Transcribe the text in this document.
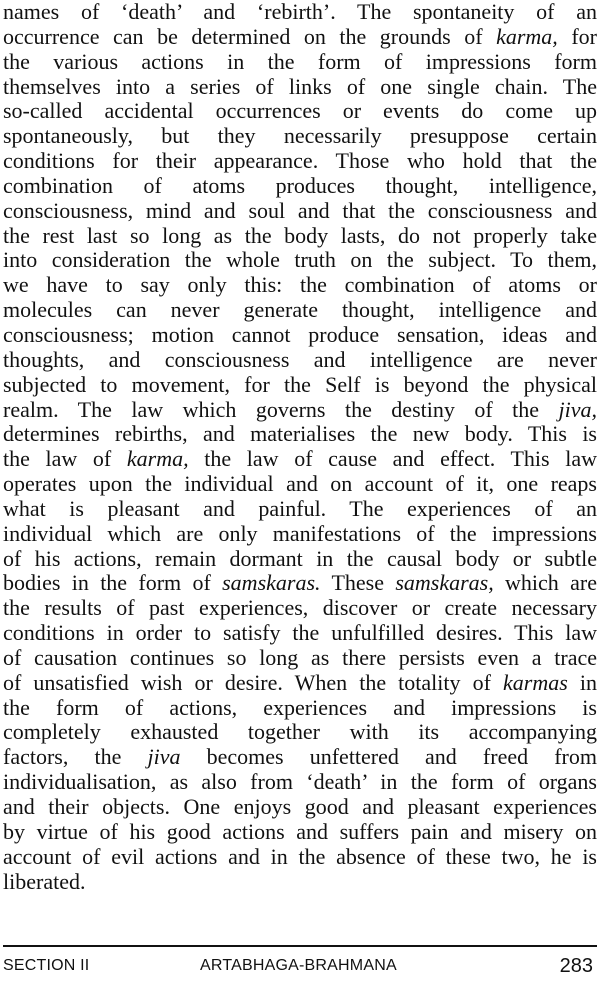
names of ‘death’ and ‘rebirth’. The spontaneity of an
occurrence can be determined on the grounds of karma, for
the various actions in the form of impressions form
themselves into a series of links of one single chain. The
so-called accidental occurrences or events do come up
spontaneously, but they necessarily presuppose certain
conditions for their appearance. Those who hold that the
combination of atoms produces thought, intelligence,
consciousness, mind and soul and that the consciousness and
the rest last so long as the body lasts, do not properly take
into consideration the whole truth on the subject. To them,
we have to say only this: the combination of atoms or
molecules can never generate thought, intelligence and
consciousness; motion cannot produce sensation, ideas and
thoughts, and consciousness and intelligence are never
subjected to movement, for the Self is beyond the physical
realm. The law which governs the destiny of the jiva,
determines rebirths, and materialises the new body. This is
the law of karma, the law of cause and effect. This law
operates upon the individual and on account of it, one reaps
what is pleasant and painful. The experiences of an
individual which are only manifestations of the impressions
of his actions, remain dormant in the causal body or subtle
bodies in the form of samskaras. These samskaras, which are
the results of past experiences, discover or create necessary
conditions in order to satisfy the unfulfilled desires. This law
of causation continues so long as there persists even a trace
of unsatisfied wish or desire. When the totality of karmas in
the form of actions, experiences and impressions is
completely exhausted together with its accompanying
factors, the jiva becomes unfettered and freed from
individualisation, as also from ‘death’ in the form of organs
and their objects. One enjoys good and pleasant experiences
by virtue of his good actions and suffers pain and misery on
account of evil actions and in the absence of these two, he is
liberated.
SECTION II	ARTABHAGA-BRAHMANA	283
